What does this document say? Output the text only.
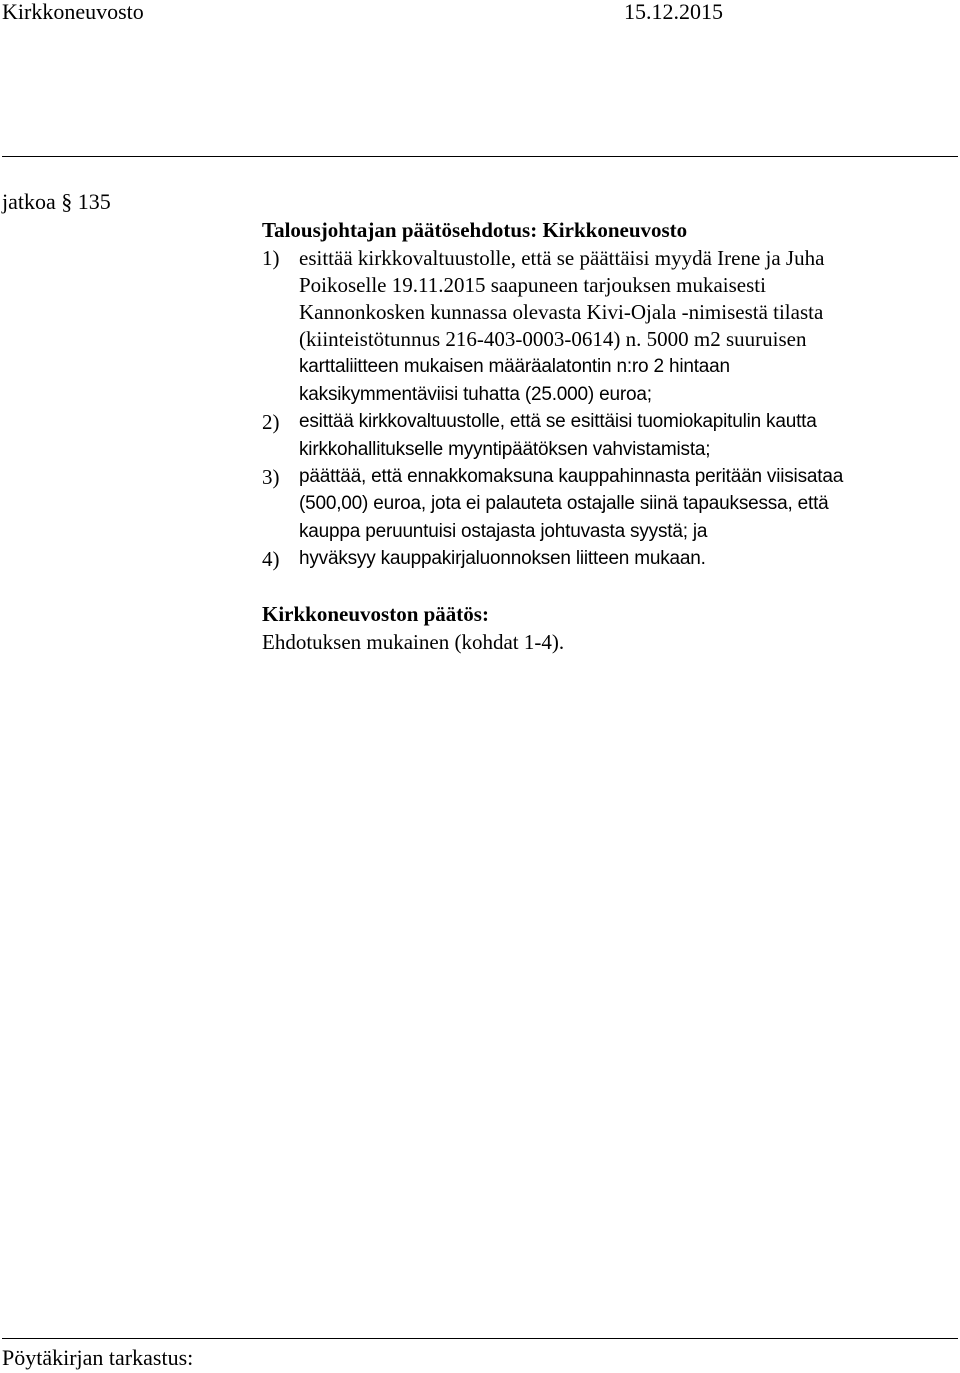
Kirkkoneuvosto	15.12.2015
jatkoa § 135
Talousjohtajan päätösehdotus: Kirkkoneuvosto
1) esittää kirkkovaltuustolle, että se päättäisi myydä Irene ja Juha
Poikoselle 19.11.2015 saapuneen tarjouksen mukaisesti
Kannonkosken kunnassa olevasta Kivi-Ojala -nimisestä tilasta
(kiinteistötunnus 216-403-0003-0614) n. 5000 m2 suuruisen
karttaliitteen mukaisen määräalatontin n:ro 2 hintaan
kaksikymmentäviisi tuhatta (25.000) euroa;
2) esittää kirkkovaltuustolle, että se esittäisi tuomiokapitulin kautta
kirkkohallitukselle myyntipäätöksen vahvistamista;
3) päättää, että ennakkomaksuna kauppahinnasta peritään viisisataa
(500,00) euroa, jota ei palauteta ostajalle siinä tapauksessa, että
kauppa peruuntuisi ostajasta johtuvasta syystä; ja
4) hyväksyy kauppakirjaluonnoksen liitteen mukaan.
Kirkkoneuvoston päätös:
Ehdotuksen mukainen (kohdat 1-4).
Pöytäkirjan tarkastus:
